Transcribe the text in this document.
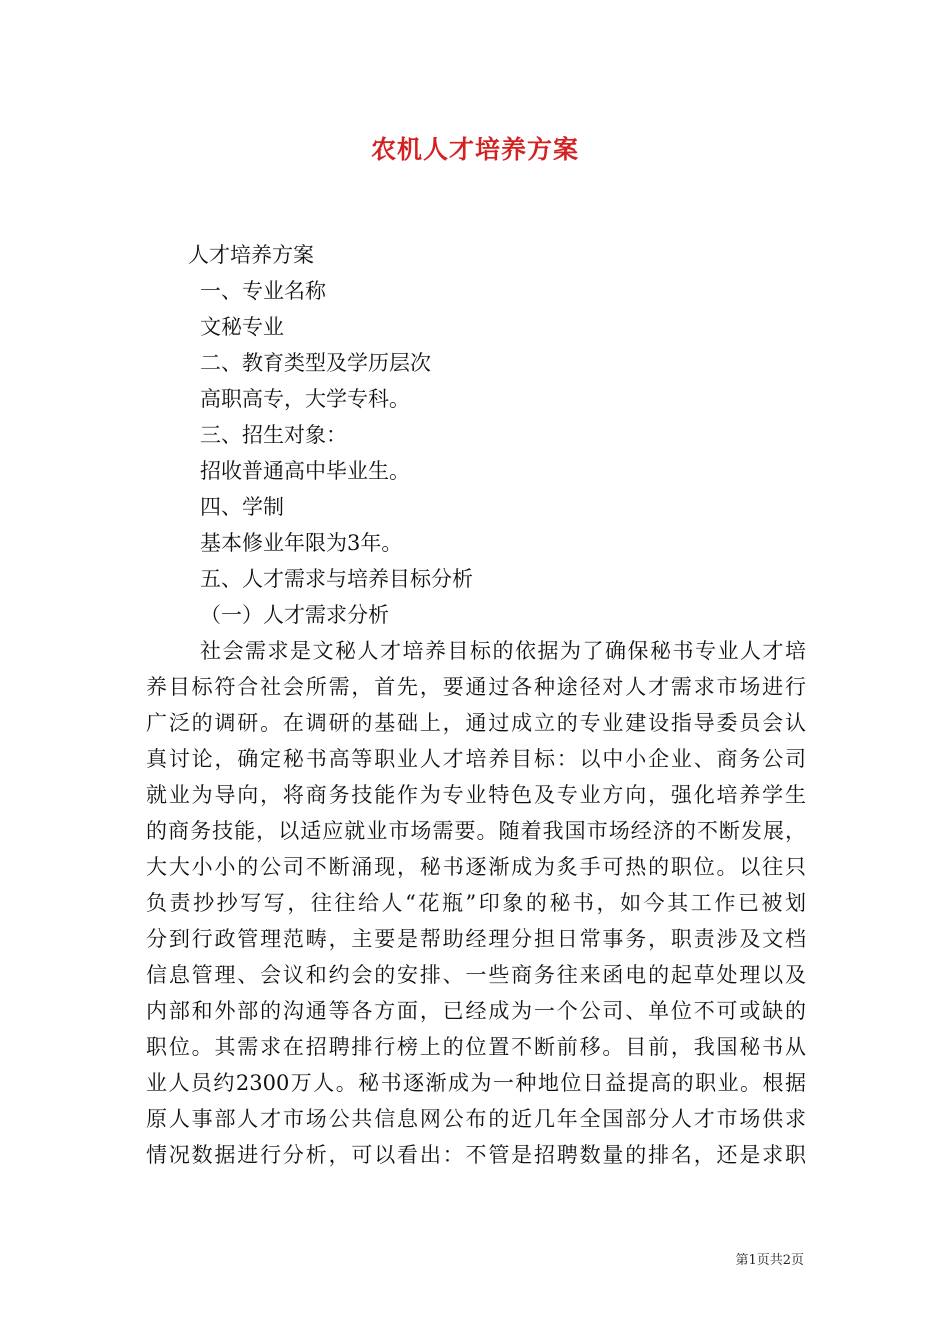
农机人才培养方案

人才培养方案

一、专业名称

文秘专业

二、教育类型及学历层次

高职高专，大学专科。

三、招生对象：

招收普通高中毕业生。

四、学制

基本修业年限为3年。

五、人才需求与培养目标分析

（一）人才需求分析

社会需求是文秘人才培养目标的依据为了确保秘书专业人才培

养目标符合社会所需，首先，要通过各种途径对人才需求市场进行

广泛的调研。在调研的基础上，通过成立的专业建设指导委员会认

真讨论，确定秘书高等职业人才培养目标：以中小企业、商务公司

就业为导向，将商务技能作为专业特色及专业方向，强化培养学生

的商务技能，以适应就业市场需要。随着我国市场经济的不断发展，

大大小小的公司不断涌现，秘书逐渐成为炙手可热的职位。以往只

负责抄抄写写，往往给人“花瓶”印象的秘书，如今其工作已被划

分到行政管理范畴，主要是帮助经理分担日常事务，职责涉及文档

信息管理、会议和约会的安排、一些商务往来函电的起草处理以及

内部和外部的沟通等各方面，已经成为一个公司、单位不可或缺的

职位。其需求在招聘排行榜上的位置不断前移。目前，我国秘书从

业人员约2300万人。秘书逐渐成为一种地位日益提高的职业。根据

原人事部人才市场公共信息网公布的近几年全国部分人才市场供求

情况数据进行分析，可以看出：不管是招聘数量的排名，还是求职

第1页共2页
